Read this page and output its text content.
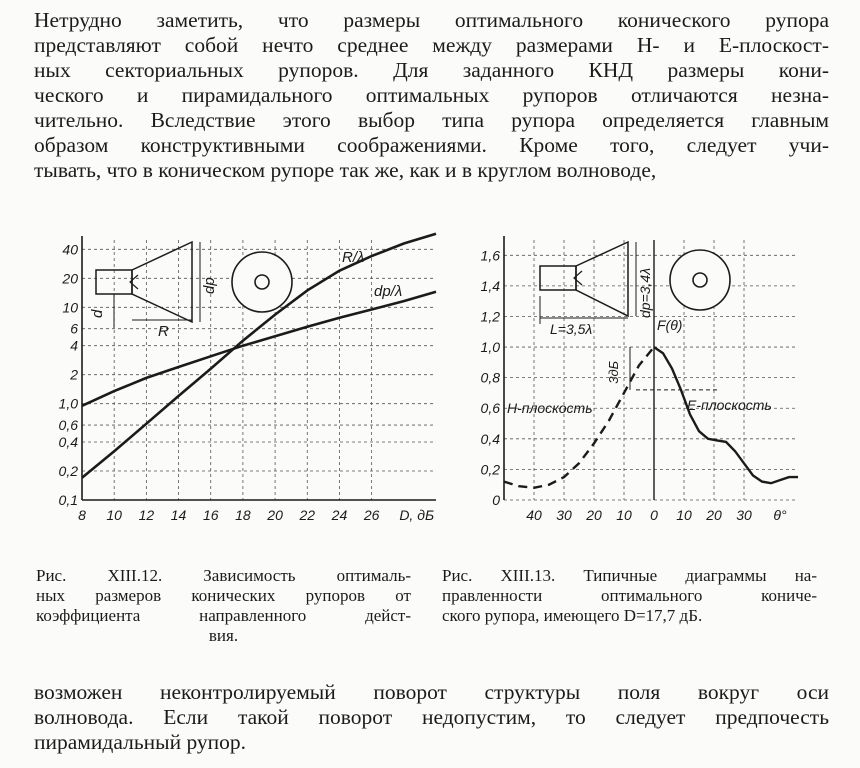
Нетрудно заметить, что размеры оптимального конического рупора
представляют собой нечто среднее между размерами H- и E-плоскост-
ных секториальных рупоров. Для заданного КНД размеры кони-
ческого и пирамидального оптимальных рупоров отличаются незна-
чительно. Вследствие этого выбор типа рупора определяется главным
образом конструктивными соображениями. Кроме того, следует учи-
тывать, что в коническом рупоре так же, как и в круглом волноводе,
0,1
0,2
0,4
0,6
1,0
2
4
6
10
20
40
8 10 12 14 16 18 20 22 24 26 D, дБ
R/λ
dp/λ
d
R
dp
0
0,2
0,4
0,6
0,8
1,0
1,2
1,4
1,6
40 30 20 10 0 10 20 30 θ°
H-плоскость	E-плоскость
3дБ
F(θ)
L=3,5λ
dp=3,4λ
Рис. XIII.12. Зависимость оптималь-
ных размеров конических рупоров от
коэффициента направленного дейст-
вия.
Рис. XIII.13. Типичные диаграммы на-
правленности оптимального кониче-
ского рупора, имеющего D=17,7 дБ.
возможен неконтролируемый поворот структуры поля вокруг оси
волновода. Если такой поворот недопустим, то следует предпочесть
пирамидальный рупор.
